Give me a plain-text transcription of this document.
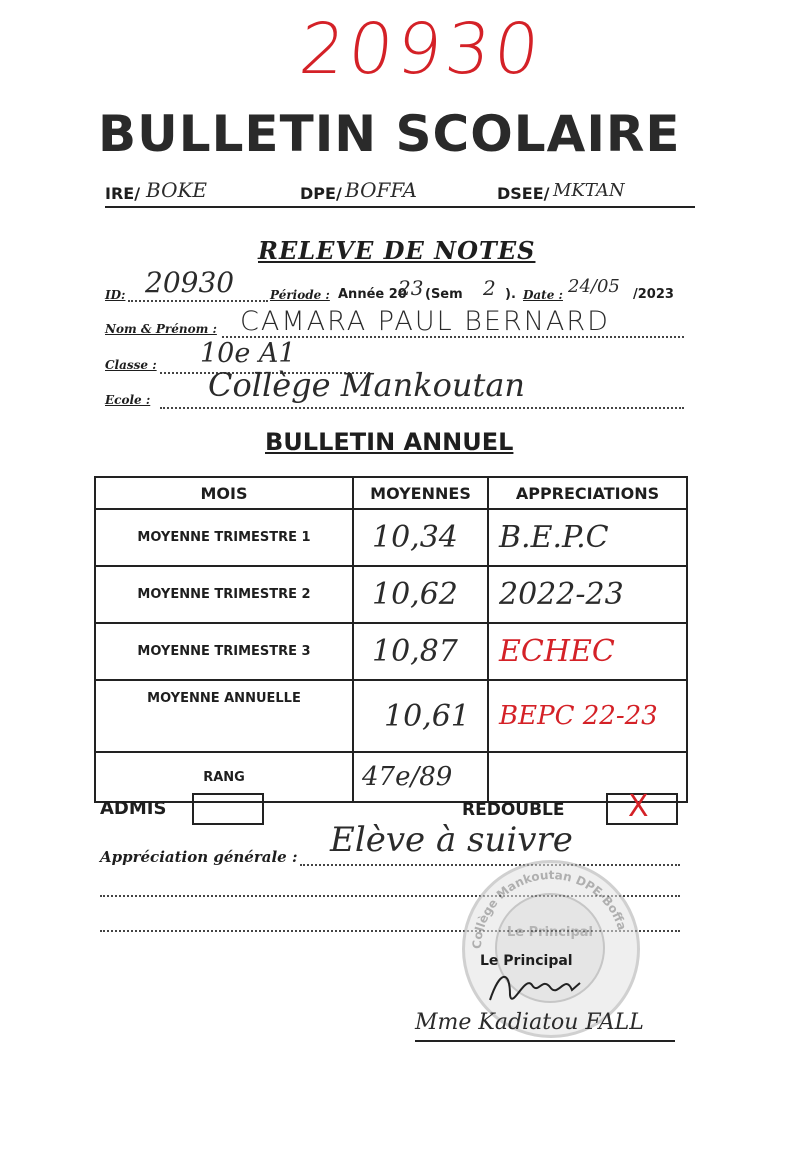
20930
BULLETIN SCOLAIRE
IRE/ BOKE	DPE/ BOFFA	DSEE/ MKTAN
RELEVE DE NOTES
ID: 20930	Période : Année 20
23 (Sem 2 ). Date : 24/05 /2023
Nom & Prénom : CAMARA PAUL BERNARD
Classe : 10e A1
Ecole : Collège Mankoutan
BULLETIN ANNUEL
MOIS	MOYENNES	APPRECIATIONS
MOYENNE TRIMESTRE 1	10,34	B.E.P.C
MOYENNE TRIMESTRE 2	10,62	2022-23
MOYENNE TRIMESTRE 3	10,87	ECHEC
MOYENNE ANNUELLE	10,61	BEPC 22-23
RANG	47e/89	
ADMIS	REDOUBLE X
Appréciation générale : Elève à suivre
Collège Mankoutan DPE-Boffa
Le Principal
Le Principal
Mme Kadiatou FALL
